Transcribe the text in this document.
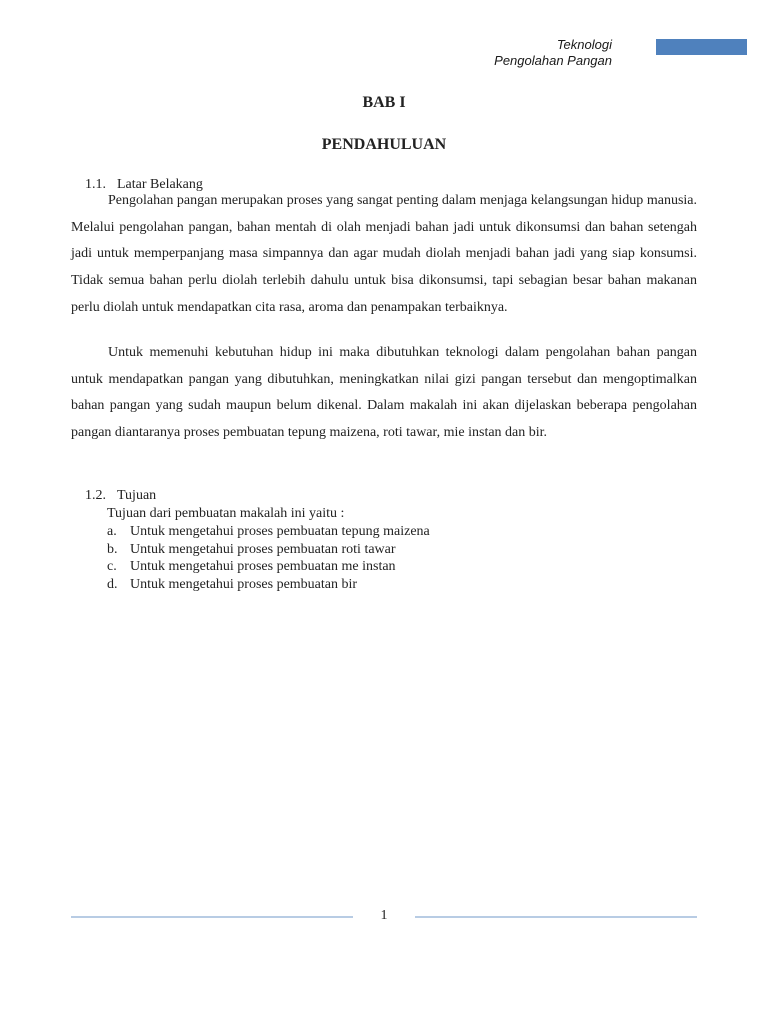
Teknologi
Pengolahan Pangan
BAB I
PENDAHULUAN
1.1. Latar Belakang

Pengolahan pangan merupakan proses yang sangat penting dalam menjaga kelangsungan hidup manusia. Melalui pengolahan pangan, bahan mentah di olah menjadi bahan jadi untuk dikonsumsi dan bahan setengah jadi untuk memperpanjang masa simpannya dan agar mudah diolah menjadi bahan jadi yang siap konsumsi. Tidak semua bahan perlu diolah terlebih dahulu untuk bisa dikonsumsi, tapi sebagian besar bahan makanan perlu diolah untuk mendapatkan cita rasa, aroma dan penampakan terbaiknya.

Untuk memenuhi kebutuhan hidup ini maka dibutuhkan teknologi dalam pengolahan bahan pangan untuk mendapatkan pangan yang dibutuhkan, meningkatkan nilai gizi pangan tersebut dan mengoptimalkan bahan pangan yang sudah maupun belum dikenal. Dalam makalah ini akan dijelaskan beberapa pengolahan pangan diantaranya proses pembuatan tepung maizena, roti tawar, mie instan dan bir.

1.2. Tujuan
Tujuan dari pembuatan makalah ini yaitu :
a. Untuk mengetahui proses pembuatan tepung maizena
b. Untuk mengetahui proses pembuatan roti tawar
c. Untuk mengetahui proses pembuatan me instan
d. Untuk mengetahui proses pembuatan bir
1
